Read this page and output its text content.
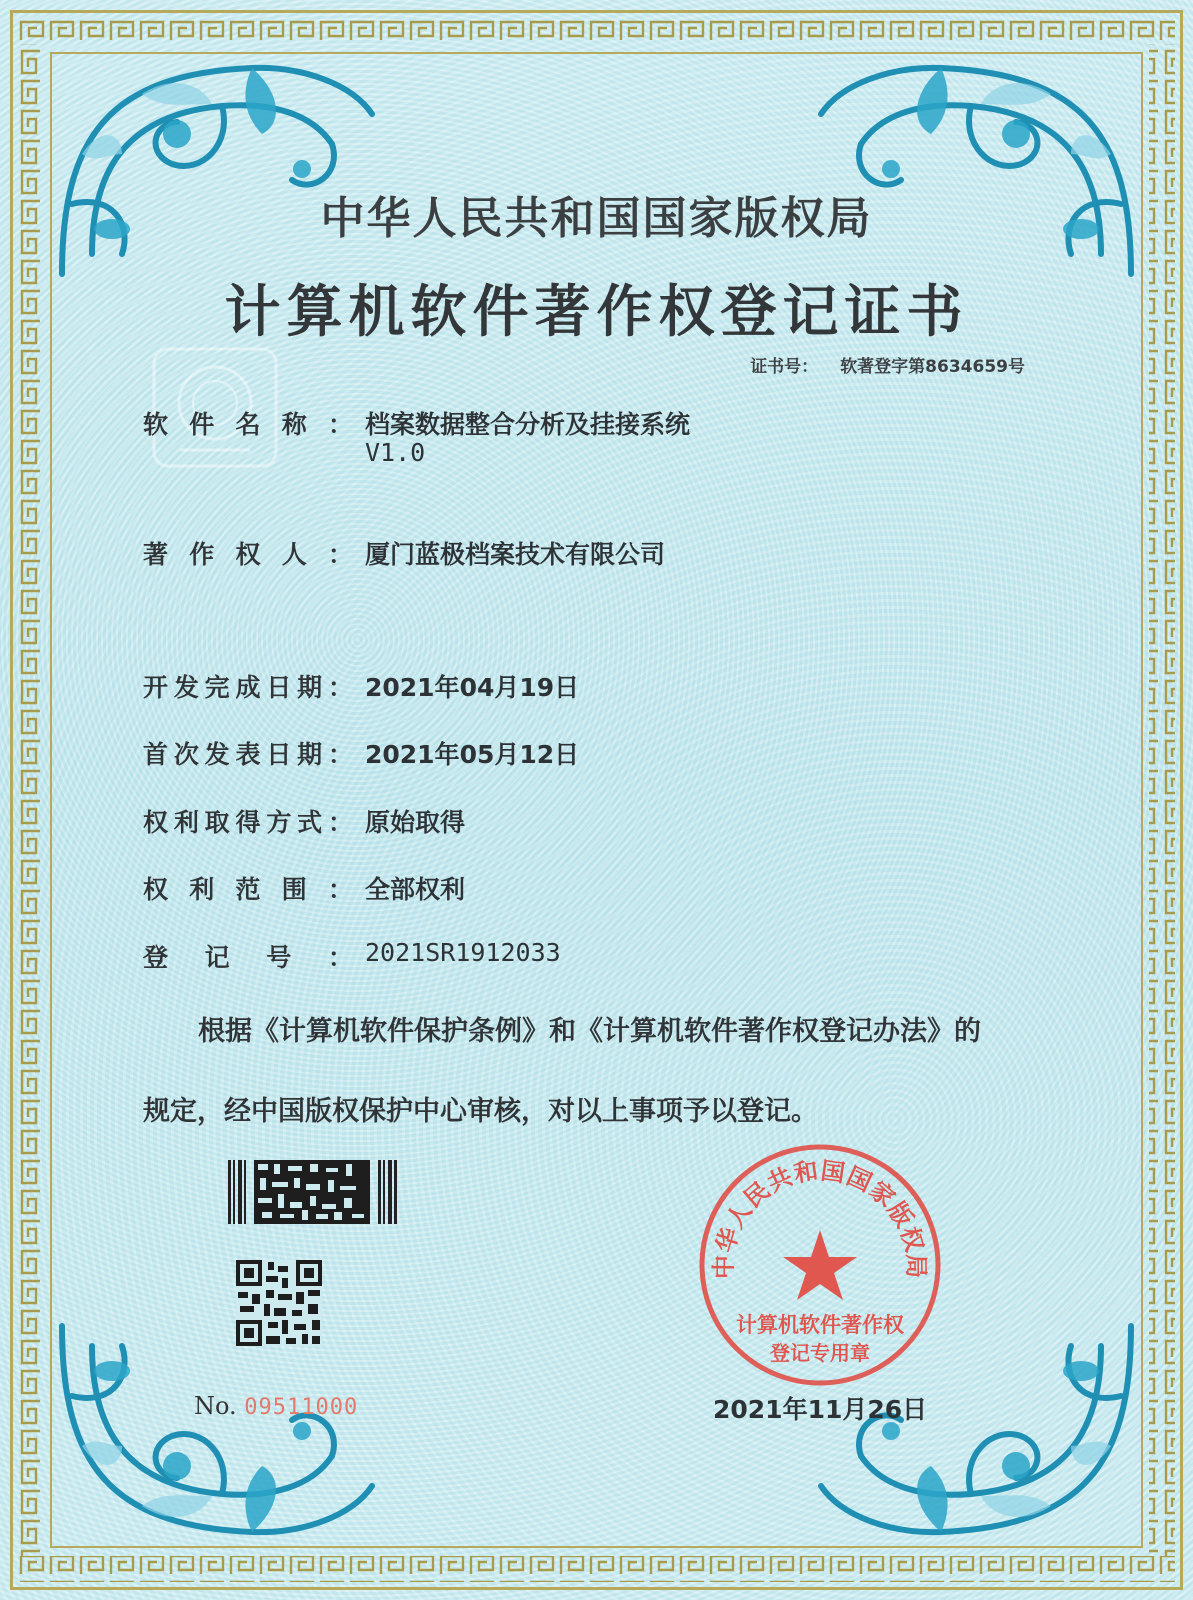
中华人民共和国国家版权局
计算机软件著作权登记证书
证书号： 软著登字第8634659号
软件名称： 档案数据整合分析及挂接系统
V1.0
著作权人： 厦门蓝极档案技术有限公司
开发完成日期： 2021年04月19日
首次发表日期： 2021年05月12日
权利取得方式： 原始取得
权利范围： 全部权利
登记号： 2021SR1912033
根据《计算机软件保护条例》和《计算机软件著作权登记办法》的
规定，经中国版权保护中心审核，对以上事项予以登记。
No. 09511000
中华人民共和国国家版权局
计算机软件著作权
登记专用章
2021年11月26日
